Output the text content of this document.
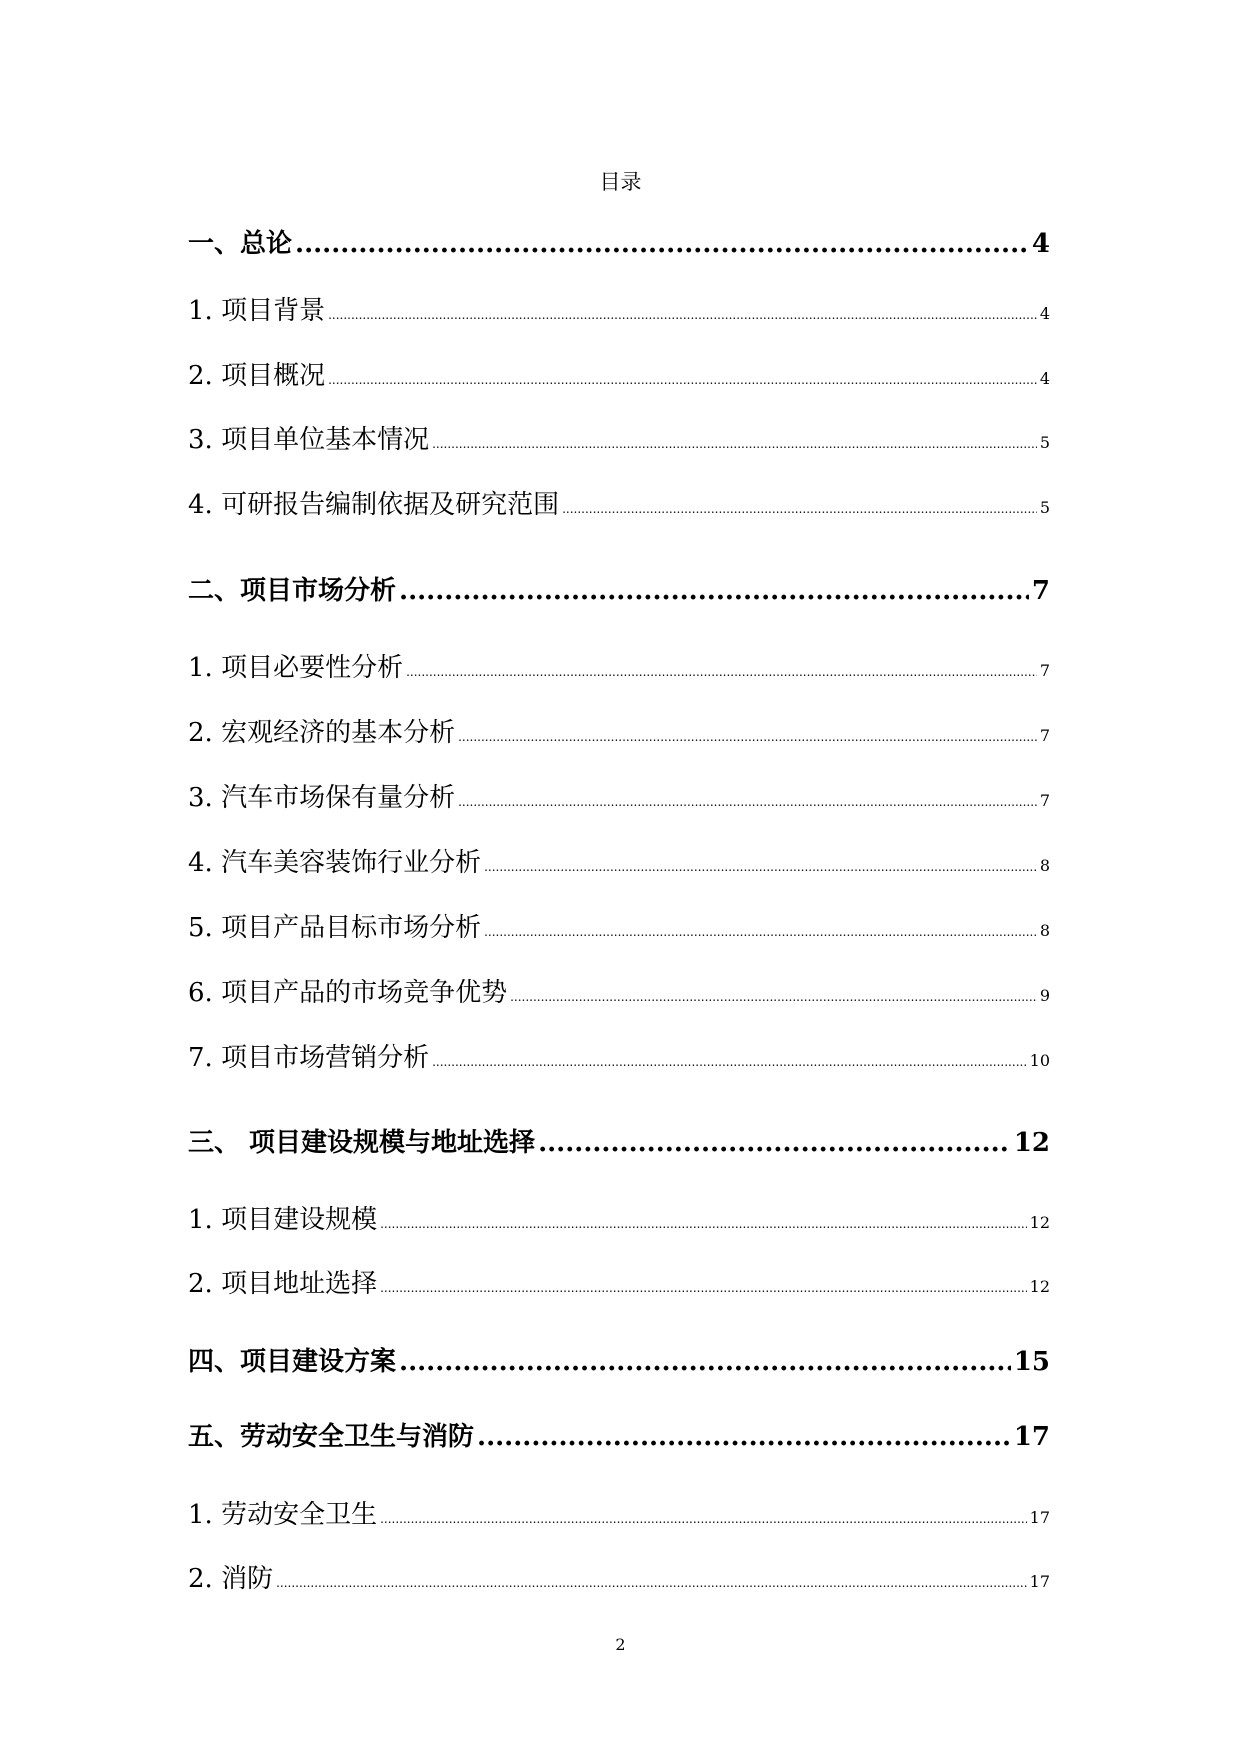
目录
一、总论 .....	4
1. 项目背景 .....	4
2. 项目概况 .....	4
3. 项目单位基本情况 .....	5
4. 可研报告编制依据及研究范围 .....	5
二、项目市场分析 .....	7
1. 项目必要性分析 .....	7
2. 宏观经济的基本分析 .....	7
3. 汽车市场保有量分析 .....	7
4. 汽车美容装饰行业分析 .....	8
5. 项目产品目标市场分析 .....	8
6. 项目产品的市场竞争优势 .....	9
7. 项目市场营销分析 .....	10
三、 项目建设规模与地址选择 .....	12
1. 项目建设规模 .....	12
2. 项目地址选择 .....	12
四、项目建设方案 .....	15
五、劳动安全卫生与消防 .....	17
1. 劳动安全卫生 .....	17
2. 消防 .....	17
2
